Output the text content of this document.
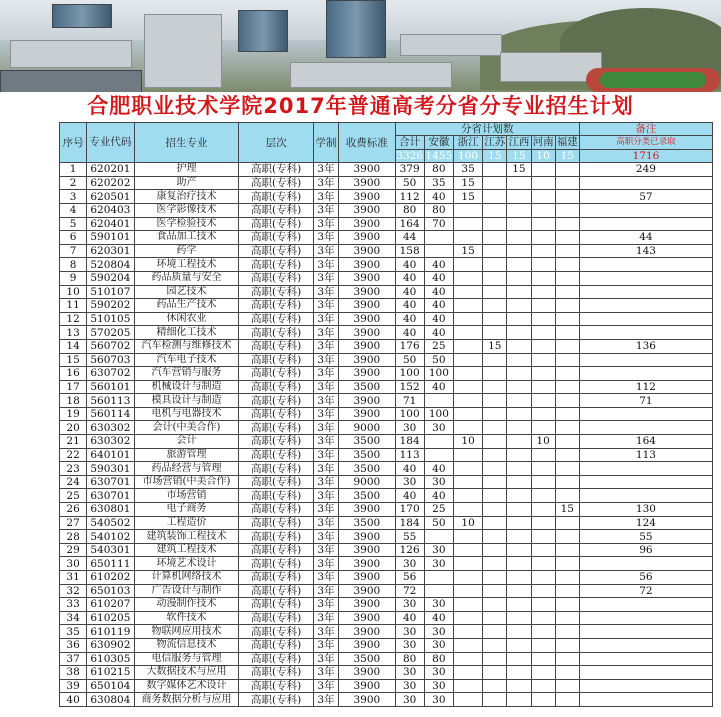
合肥职业技术学院2017年普通高考分省分专业招生计划
序号	专业代码	招生专业	层次	学制	收费标准	分省计划数							备注
						合计	安徽	浙江	江苏	江西	河南	福建	高职分类已录取
						3326	1455	100	15	15	10	15	1716
1	620201	护理	高职(专科)	3年	3900	379	80	35		15			249
2	620202	助产	高职(专科)	3年	3900	50	35	15					
3	620501	康复治疗技术	高职(专科)	3年	3900	112	40	15					57
4	620403	医学影像技术	高职(专科)	3年	3900	80	80						
5	620401	医学检验技术	高职(专科)	3年	3900	164	70						
6	590101	食品加工技术	高职(专科)	3年	3900	44							44
7	620301	药学	高职(专科)	3年	3900	158		15					143
8	520804	环境工程技术	高职(专科)	3年	3900	40	40						
9	590204	药品质量与安全	高职(专科)	3年	3900	40	40						
10	510107	园艺技术	高职(专科)	3年	3900	40	40						
11	590202	药品生产技术	高职(专科)	3年	3900	40	40						
12	510105	休闲农业	高职(专科)	3年	3900	40	40						
13	570205	精细化工技术	高职(专科)	3年	3900	40	40						
14	560702	汽车检测与维修技术	高职(专科)	3年	3900	176	25		15				136
15	560703	汽车电子技术	高职(专科)	3年	3900	50	50						
16	630702	汽车营销与服务	高职(专科)	3年	3900	100	100						
17	560101	机械设计与制造	高职(专科)	3年	3500	152	40						112
18	560113	模具设计与制造	高职(专科)	3年	3900	71							71
19	560114	电机与电器技术	高职(专科)	3年	3900	100	100						
20	630302	会计(中美合作)	高职(专科)	3年	9000	30	30						
21	630302	会计	高职(专科)	3年	3500	184		10			10		164
22	640101	旅游管理	高职(专科)	3年	3500	113							113
23	590301	药品经营与管理	高职(专科)	3年	3500	40	40						
24	630701	市场营销(中美合作)	高职(专科)	3年	9000	30	30						
25	630701	市场营销	高职(专科)	3年	3500	40	40						
26	630801	电子商务	高职(专科)	3年	3900	170	25					15	130
27	540502	工程造价	高职(专科)	3年	3500	184	50	10					124
28	540102	建筑装饰工程技术	高职(专科)	3年	3900	55							55
29	540301	建筑工程技术	高职(专科)	3年	3900	126	30						96
30	650111	环境艺术设计	高职(专科)	3年	3900	30	30						
31	610202	计算机网络技术	高职(专科)	3年	3900	56							56
32	650103	广告设计与制作	高职(专科)	3年	3900	72							72
33	610207	动漫制作技术	高职(专科)	3年	3900	30	30						
34	610205	软件技术	高职(专科)	3年	3900	40	40						
35	610119	物联网应用技术	高职(专科)	3年	3900	30	30						
36	630902	物流信息技术	高职(专科)	3年	3900	30	30						
37	610305	电信服务与管理	高职(专科)	3年	3500	80	80						
38	610215	大数据技术与应用	高职(专科)	3年	3900	30	30						
39	650104	数字媒体艺术设计	高职(专科)	3年	3900	30	30						
40	630804	商务数据分析与应用	高职(专科)	3年	3900	30	30						
